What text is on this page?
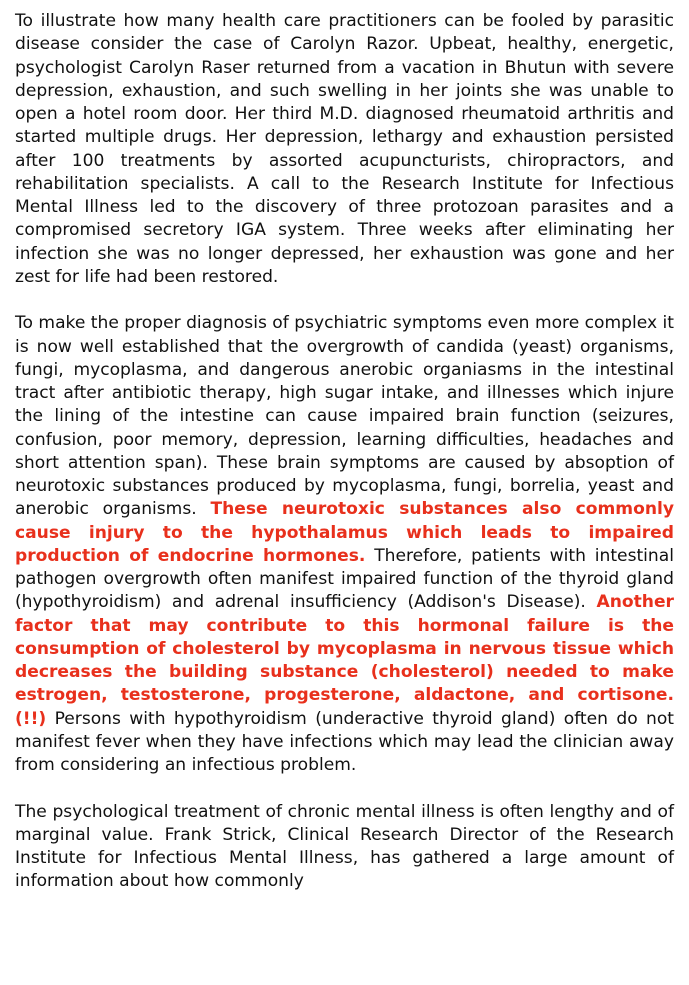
To illustrate how many health care practitioners can be fooled by parasitic disease consider the case of Carolyn Razor. Upbeat, healthy, energetic, psychologist Carolyn Raser returned from a vacation in Bhutun with severe depression, exhaustion, and such swelling in her joints she was unable to open a hotel room door. Her third M.D. diagnosed rheumatoid arthritis and started multiple drugs. Her depression, lethargy and exhaustion persisted after 100 treatments by assorted acupuncturists, chiropractors, and rehabilitation specialists. A call to the Research Institute for Infectious Mental Illness led to the discovery of three protozoan parasites and a compromised secretory IGA system. Three weeks after eliminating her infection she was no longer depressed, her exhaustion was gone and her zest for life had been restored.

To make the proper diagnosis of psychiatric symptoms even more complex it is now well established that the overgrowth of candida (yeast) organisms, fungi, mycoplasma, and dangerous anerobic organiasms in the intestinal tract after antibiotic therapy, high sugar intake, and illnesses which injure the lining of the intestine can cause impaired brain function (seizures, confusion, poor memory, depression, learning difficulties, headaches and short attention span). These brain symptoms are caused by absoption of neurotoxic substances produced by mycoplasma, fungi, borrelia, yeast and anerobic organisms. These neurotoxic substances also commonly cause injury to the hypothalamus which leads to impaired production of endocrine hormones. Therefore, patients with intestinal pathogen overgrowth often manifest impaired function of the thyroid gland (hypothyroidism) and adrenal insufficiency (Addison's Disease). Another factor that may contribute to this hormonal failure is the consumption of cholesterol by mycoplasma in nervous tissue which decreases the building substance (cholesterol) needed to make estrogen, testosterone, progesterone, aldactone, and cortisone. (!!) Persons with hypothyroidism (underactive thyroid gland) often do not manifest fever when they have infections which may lead the clinician away from considering an infectious problem.

The psychological treatment of chronic mental illness is often lengthy and of marginal value. Frank Strick, Clinical Research Director of the Research Institute for Infectious Mental Illness, has gathered a large amount of information about how commonly
